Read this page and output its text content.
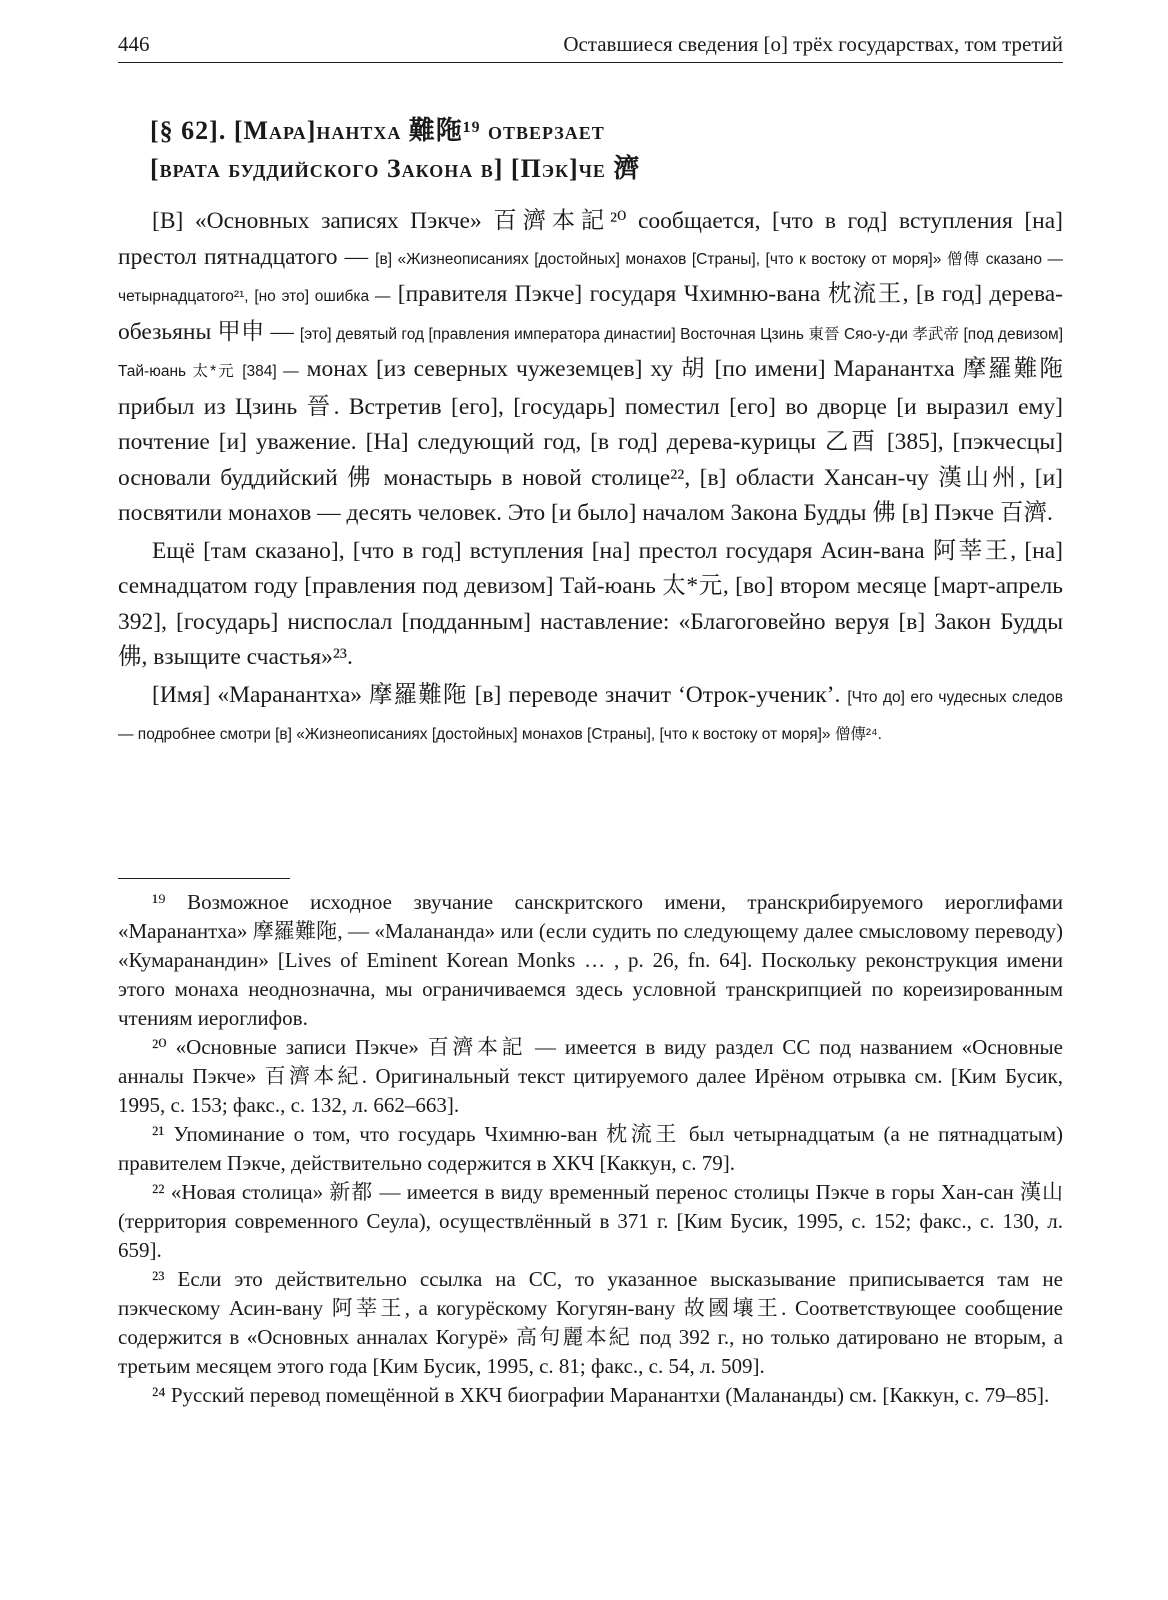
446	Оставшиеся сведения [о] трёх государствах, том третий
[§ 62]. [Мара]нантха 難陁¹⁹ отверзает
[врата буддийского Закона в] [Пэк]че 濟

[В] «Основных записях Пэкче» 百濟本記²⁰ сообщается, [что в год] вступления [на] престол пятнадцатого — [в] «Жизнеописаниях [достойных] монахов [Страны], [что к востоку от моря]» 僧傳 сказано — четырнадцатого²¹, [но это] ошибка — [правителя Пэкче] государя Чхимню-вана 枕流王, [в год] дерева-обезьяны 甲申 — [это] девятый год [правления императора династии] Восточная Цзинь 東晉 Сяо-у-ди 孝武帝 [под девизом] Тай-юань 太*元 [384] — монах [из северных чужеземцев] ху 胡 [по имени] Маранантха 摩羅難陁 прибыл из Цзинь 晉. Встретив [его], [государь] поместил [его] во дворце [и выразил ему] почтение [и] уважение. [На] следующий год, [в год] дерева-курицы 乙酉 [385], [пэкчесцы] основали буддийский 佛 монастырь в новой столице²², [в] области Хансан-чу 漢山州, [и] посвятили монахов — десять человек. Это [и было] началом Закона Будды 佛 [в] Пэкче 百濟.

Ещё [там сказано], [что в год] вступления [на] престол государя Асин-вана 阿莘王, [на] семнадцатом году [правления под девизом] Тай-юань 太*元, [во] втором месяце [март-апрель 392], [государь] ниспослал [подданным] наставление: «Благоговейно веруя [в] Закон Будды 佛, взыщите счастья»²³.

[Имя] «Маранантха» 摩羅難陁 [в] переводе значит ‘Отрок-ученик’. [Что до] его чудесных следов — подробнее смотри [в] «Жизнеописаниях [достойных] монахов [Страны], [что к востоку от моря]» 僧傳²⁴.

¹⁹ Возможное исходное звучание санскритского имени, транскрибируемого иероглифами «Маранантха» 摩羅難陁, — «Малананда» или (если судить по следующему далее смысловому переводу) «Кумаранандин» [Lives of Eminent Korean Monks … , p. 26, fn. 64]. Поскольку реконструкция имени этого монаха неоднозначна, мы ограничиваемся здесь условной транскрипцией по кореизированным чтениям иероглифов.

²⁰ «Основные записи Пэкче» 百濟本記 — имеется в виду раздел СС под названием «Основные анналы Пэкче» 百濟本紀. Оригинальный текст цитируемого далее Ирёном отрывка см. [Ким Бусик, 1995, с. 153; факс., с. 132, л. 662–663].

²¹ Упоминание о том, что государь Чхимню-ван 枕流王 был четырнадцатым (а не пятнадцатым) правителем Пэкче, действительно содержится в ХКЧ [Каккун, с. 79].

²² «Новая столица» 新都 — имеется в виду временный перенос столицы Пэкче в горы Хан-сан 漢山 (территория современного Сеула), осуществлённый в 371 г. [Ким Бусик, 1995, с. 152; факс., с. 130, л. 659].

²³ Если это действительно ссылка на СС, то указанное высказывание приписывается там не пэкческому Асин-вану 阿莘王, а когурёскому Когугян-вану 故國壤王. Соответствующее сообщение содержится в «Основных анналах Когурё» 高句麗本紀 под 392 г., но только датировано не вторым, а третьим месяцем этого года [Ким Бусик, 1995, с. 81; факс., с. 54, л. 509].

²⁴ Русский перевод помещённой в ХКЧ биографии Маранантхи (Малананды) см. [Каккун, с. 79–85].
